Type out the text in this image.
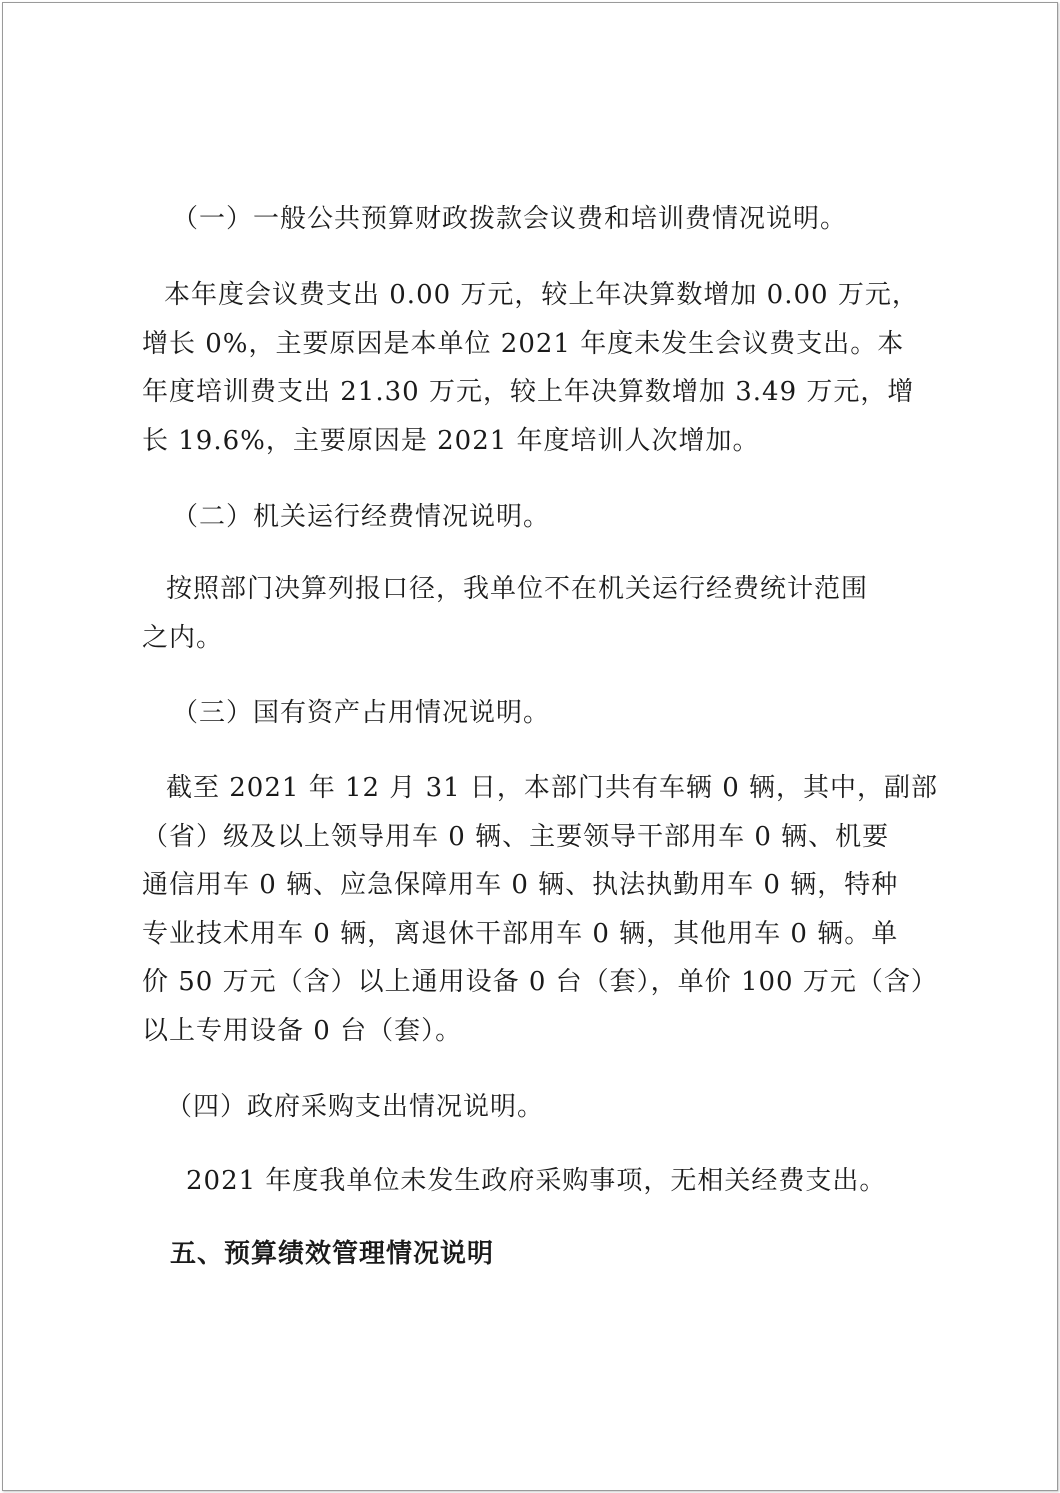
（一）一般公共预算财政拨款会议费和培训费情况说明。
本年度会议费支出 0.00 万元，较上年决算数增加 0.00 万元，
增长 0%，主要原因是本单位 2021 年度未发生会议费支出。本
年度培训费支出 21.30 万元，较上年决算数增加 3.49 万元，增
长 19.6%，主要原因是 2021 年度培训人次增加。
（二）机关运行经费情况说明。
按照部门决算列报口径，我单位不在机关运行经费统计范围
之内。
（三）国有资产占用情况说明。
截至 2021 年 12 月 31 日，本部门共有车辆 0 辆，其中，副部
（省）级及以上领导用车 0 辆、主要领导干部用车 0 辆、机要
通信用车 0 辆、应急保障用车 0 辆、执法执勤用车 0 辆，特种
专业技术用车 0 辆，离退休干部用车 0 辆，其他用车 0 辆。单
价 50 万元（含）以上通用设备 0 台（套），单价 100 万元（含）
以上专用设备 0 台（套）。
（四）政府采购支出情况说明。
2021 年度我单位未发生政府采购事项，无相关经费支出。
五、预算绩效管理情况说明
